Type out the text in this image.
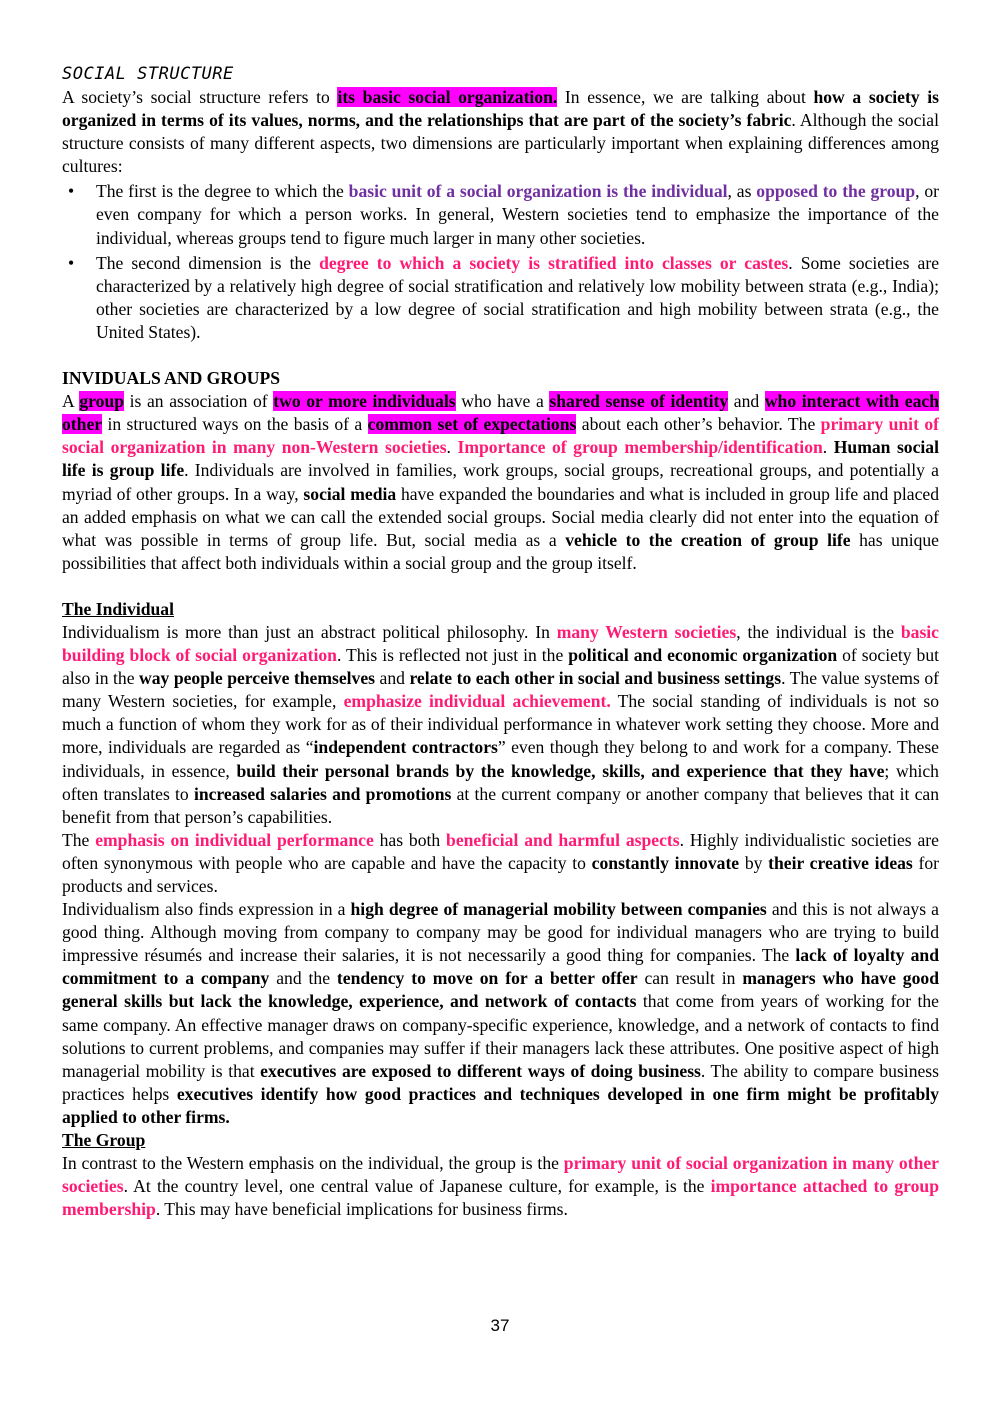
SOCIAL STRUCTURE

A society’s social structure refers to its basic social organization. In essence, we are talking about how a society is organized in terms of its values, norms, and the relationships that are part of the society’s fabric. Although the social structure consists of many different aspects, two dimensions are particularly important when explaining differences among cultures:

• The first is the degree to which the basic unit of a social organization is the individual, as opposed to the group, or even company for which a person works. In general, Western societies tend to emphasize the importance of the individual, whereas groups tend to figure much larger in many other societies.
• The second dimension is the degree to which a society is stratified into classes or castes. Some societies are characterized by a relatively high degree of social stratification and relatively low mobility between strata (e.g., India); other societies are characterized by a low degree of social stratification and high mobility between strata (e.g., the United States).

INVIDUALS AND GROUPS

A group is an association of two or more individuals who have a shared sense of identity and who interact with each other in structured ways on the basis of a common set of expectations about each other’s behavior. The primary unit of social organization in many non-Western societies. Importance of group membership/identification. Human social life is group life. Individuals are involved in families, work groups, social groups, recreational groups, and potentially a myriad of other groups. In a way, social media have expanded the boundaries and what is included in group life and placed an added emphasis on what we can call the extended social groups. Social media clearly did not enter into the equation of what was possible in terms of group life. But, social media as a vehicle to the creation of group life has unique possibilities that affect both individuals within a social group and the group itself.

The Individual

Individualism is more than just an abstract political philosophy. In many Western societies, the individual is the basic building block of social organization. This is reflected not just in the political and economic organization of society but also in the way people perceive themselves and relate to each other in social and business settings. The value systems of many Western societies, for example, emphasize individual achievement. The social standing of individuals is not so much a function of whom they work for as of their individual performance in whatever work setting they choose. More and more, individuals are regarded as “independent contractors” even though they belong to and work for a company. These individuals, in essence, build their personal brands by the knowledge, skills, and experience that they have; which often translates to increased salaries and promotions at the current company or another company that believes that it can benefit from that person’s capabilities.

The emphasis on individual performance has both beneficial and harmful aspects. Highly individualistic societies are often synonymous with people who are capable and have the capacity to constantly innovate by their creative ideas for products and services.

Individualism also finds expression in a high degree of managerial mobility between companies and this is not always a good thing. Although moving from company to company may be good for individual managers who are trying to build impressive résumés and increase their salaries, it is not necessarily a good thing for companies. The lack of loyalty and commitment to a company and the tendency to move on for a better offer can result in managers who have good general skills but lack the knowledge, experience, and network of contacts that come from years of working for the same company. An effective manager draws on company-specific experience, knowledge, and a network of contacts to find solutions to current problems, and companies may suffer if their managers lack these attributes. One positive aspect of high managerial mobility is that executives are exposed to different ways of doing business. The ability to compare business practices helps executives identify how good practices and techniques developed in one firm might be profitably applied to other firms.

The Group

In contrast to the Western emphasis on the individual, the group is the primary unit of social organization in many other societies. At the country level, one central value of Japanese culture, for example, is the importance attached to group membership. This may have beneficial implications for business firms.

37
